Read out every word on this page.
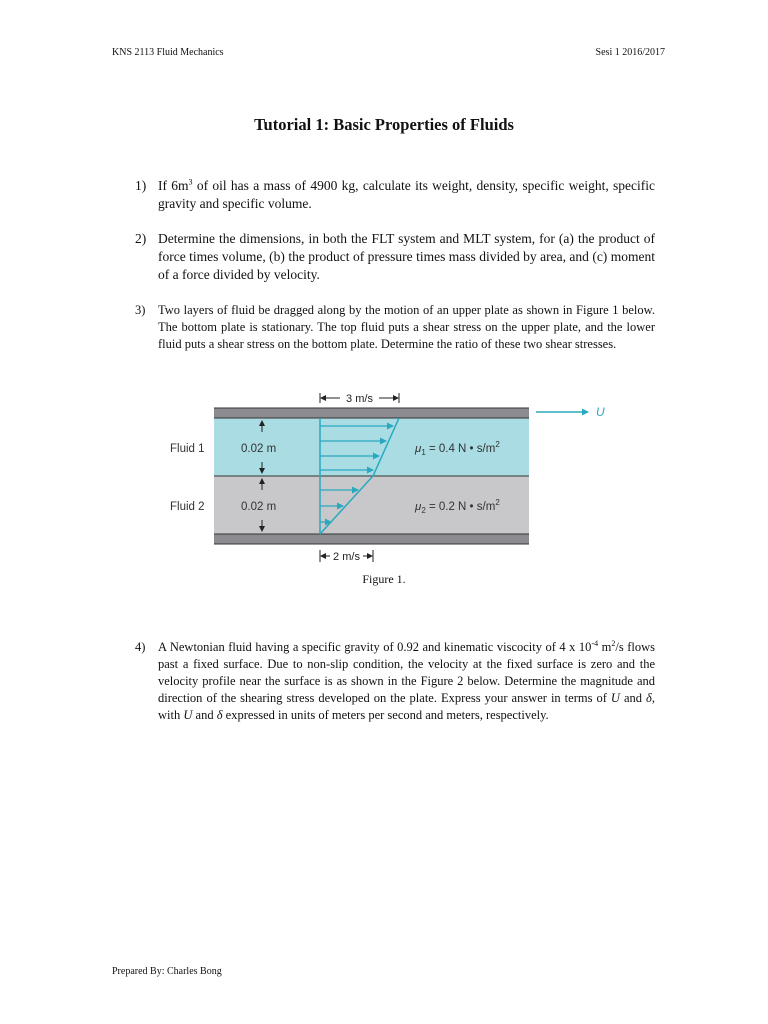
KNS 2113 Fluid Mechanics	Sesi 1 2016/2017
Tutorial 1: Basic Properties of Fluids
1) If $6m^3$ of oil has a mass of 4900 kg, calculate its weight, density, specific weight, specific gravity and specific volume.
2) Determine the dimensions, in both the FLT system and MLT system, for (a) the product of force times volume, (b) the product of pressure times mass divided by area, and (c) moment of a force divided by velocity.
3) Two layers of fluid be dragged along by the motion of an upper plate as shown in Figure 1 below. The bottom plate is stationary. The top fluid puts a shear stress on the upper plate, and the lower fluid puts a shear stress on the bottom plate. Determine the ratio of these two shear stresses.
U
3 m/s
Fluid 1	0.02 m
Fluid 2	0.02 m
$\mu_1 = 0.4$ N • $s/m^2$
$\mu_2 = 0.2$ N • $s/m^2$
2 m/s
Figure 1.
4) A Newtonian fluid having a specific gravity of 0.92 and kinematic viscocity of 4 x $10^{-4}$ $m^2/s$ flows past a fixed surface. Due to non-slip condition, the velocity at the fixed surface is zero and the velocity profile near the surface is as shown in the Figure 2 below. Determine the magnitude and direction of the shearing stress developed on the plate. Express your answer in terms of U and δ, with U and δ expressed in units of meters per second and meters, respectively.
Prepared By: Charles Bong
